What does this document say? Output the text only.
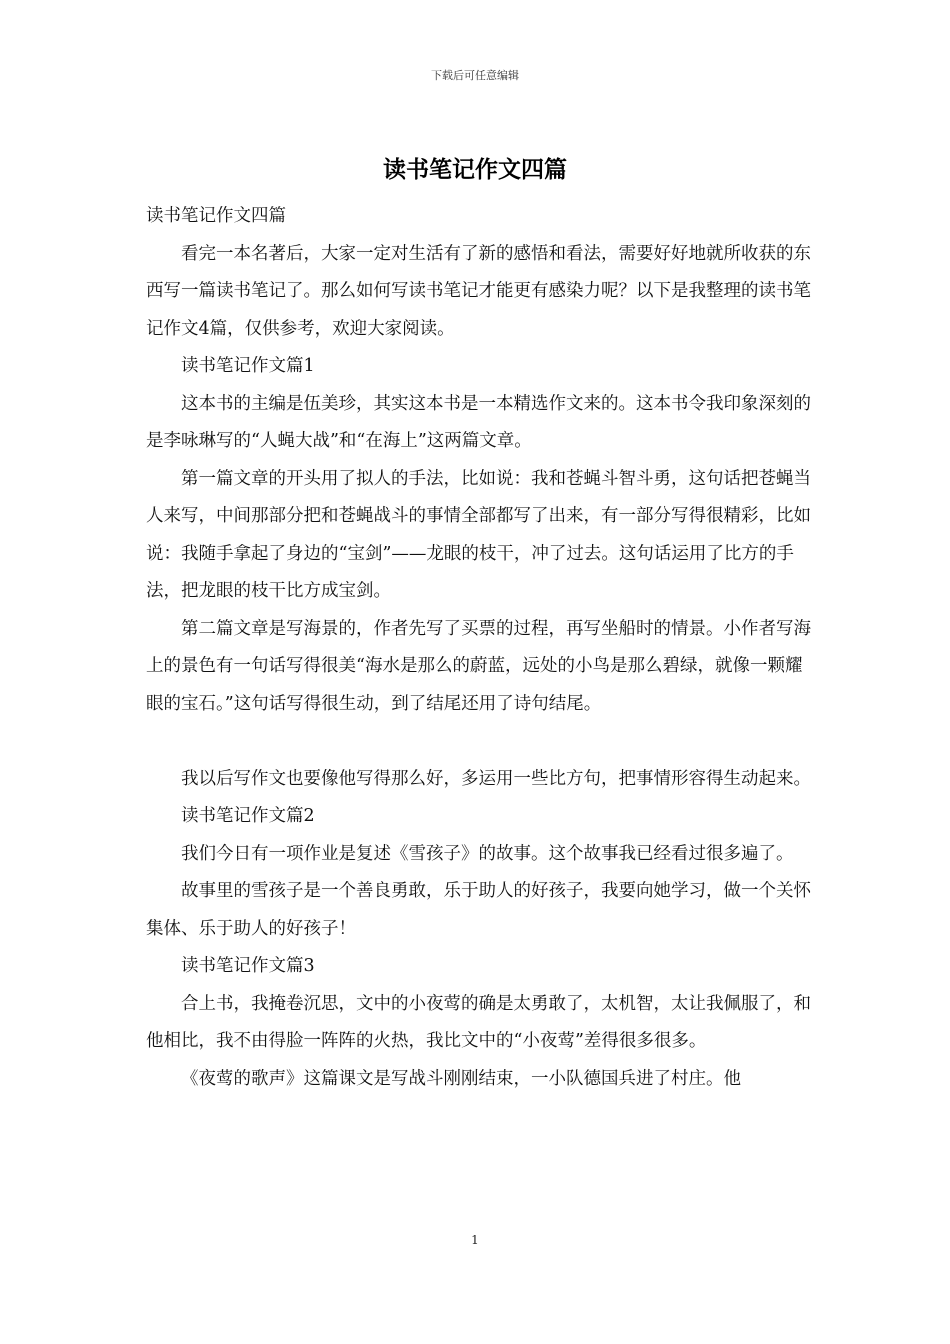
下载后可任意编辑
读书笔记作文四篇

读书笔记作文四篇

看完一本名著后，大家一定对生活有了新的感悟和看法，需要好好地就所收获的东西写一篇读书笔记了。那么如何写读书笔记才能更有感染力呢？以下是我整理的读书笔记作文4篇，仅供参考，欢迎大家阅读。

读书笔记作文篇1

这本书的主编是伍美珍，其实这本书是一本精选作文来的。这本书令我印象深刻的是李咏琳写的“人蝇大战”和“在海上”这两篇文章。

第一篇文章的开头用了拟人的手法，比如说：我和苍蝇斗智斗勇，这句话把苍蝇当人来写，中间那部分把和苍蝇战斗的事情全部都写了出来，有一部分写得很精彩，比如说：我随手拿起了身边的“宝剑”——龙眼的枝干，冲了过去。这句话运用了比方的手法，把龙眼的枝干比方成宝剑。

第二篇文章是写海景的，作者先写了买票的过程，再写坐船时的情景。小作者写海上的景色有一句话写得很美“海水是那么的蔚蓝，远处的小鸟是那么碧绿，就像一颗耀眼的宝石。”这句话写得很生动，到了结尾还用了诗句结尾。

我以后写作文也要像他写得那么好，多运用一些比方句，把事情形容得生动起来。

读书笔记作文篇2

我们今日有一项作业是复述《雪孩子》的故事。这个故事我已经看过很多遍了。

故事里的雪孩子是一个善良勇敢，乐于助人的好孩子，我要向她学习，做一个关怀集体、乐于助人的好孩子！

读书笔记作文篇3

合上书，我掩卷沉思，文中的小夜莺的确是太勇敢了，太机智，太让我佩服了，和他相比，我不由得脸一阵阵的火热，我比文中的“小夜莺”差得很多很多。

《夜莺的歌声》这篇课文是写战斗刚刚结束，一小队德国兵进了村庄。他

1
